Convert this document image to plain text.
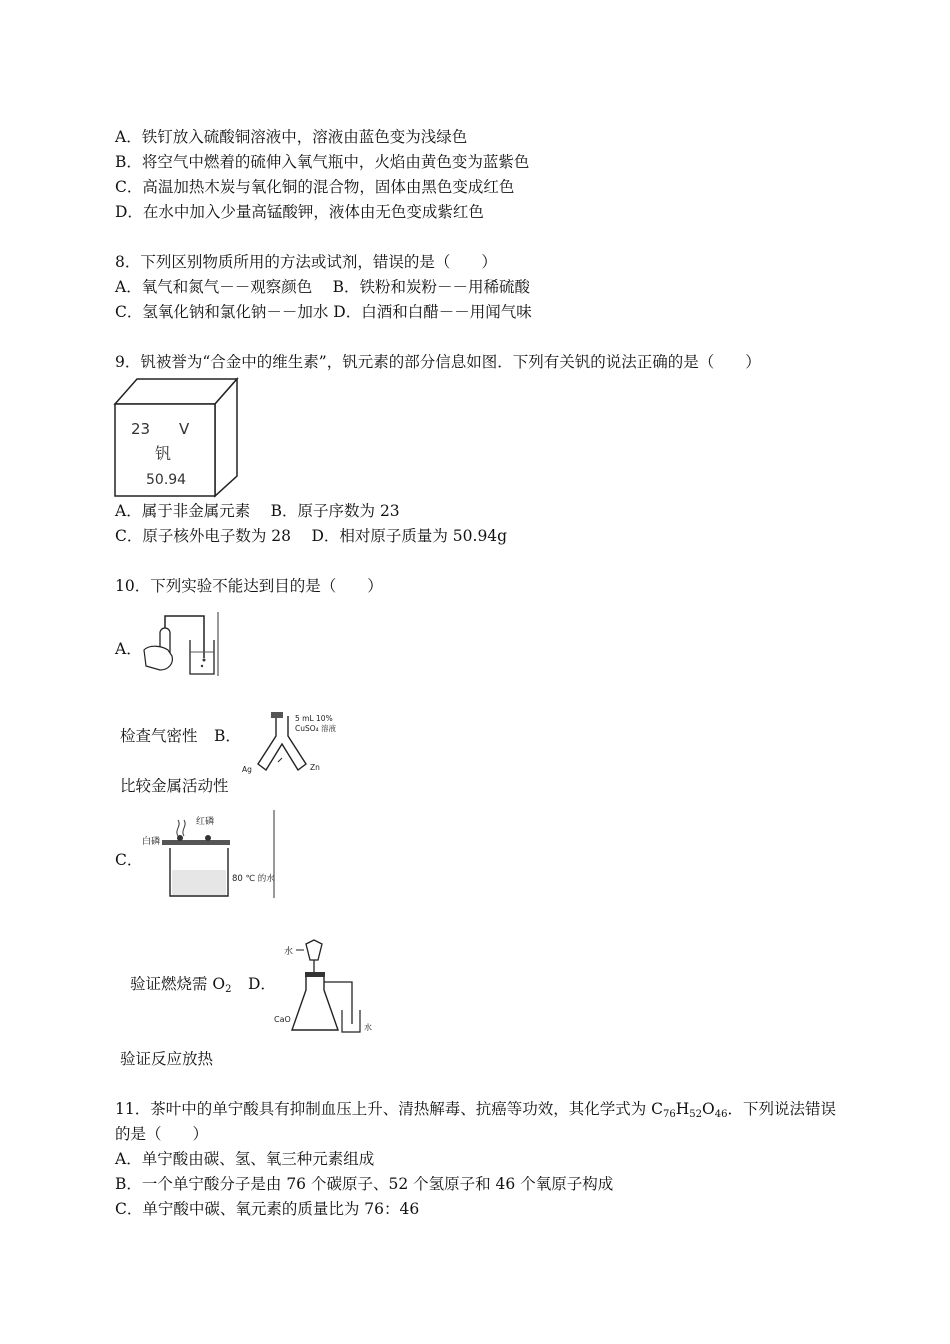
A．铁钉放入硫酸铜溶液中，溶液由蓝色变为浅绿色
B．将空气中燃着的硫伸入氧气瓶中，火焰由黄色变为蓝紫色
C．高温加热木炭与氧化铜的混合物，固体由黑色变成红色
D．在水中加入少量高锰酸钾，液体由无色变成紫红色
8．下列区别物质所用的方法或试剂，错误的是（　　）
A．氧气和氮气－－观察颜色　 B．铁粉和炭粉－－用稀硫酸
C．氢氧化钠和氯化钠－－加水 D．白酒和白醋－－用闻气味
9．钒被誉为“合金中的维生素”，钒元素的部分信息如图．下列有关钒的说法正确的是（　　）
23 V
钒
50.94
A．属于非金属元素　 B．原子序数为 23
C．原子核外电子数为 28　 D．相对原子质量为 50.94g
10．下列实验不能达到目的是（　　）
A．
检查气密性 B．
5 mL 10%
CuSO₄ 溶液
Ag	Zn
比较金属活动性
C．
红磷
白磷
80 ℃ 的水
验证燃烧需 $O_2$ D．
水
CaO
水
验证反应放热
11．茶叶中的单宁酸具有抑制血压上升、清热解毒、抗癌等功效，其化学式为 $C_{76}H_{52}O_{46}$．下列说法错误
的是（　　）
A．单宁酸由碳、氢、氧三种元素组成
B．一个单宁酸分子是由 76 个碳原子、52 个氢原子和 46 个氧原子构成
C．单宁酸中碳、氧元素的质量比为 76：46
